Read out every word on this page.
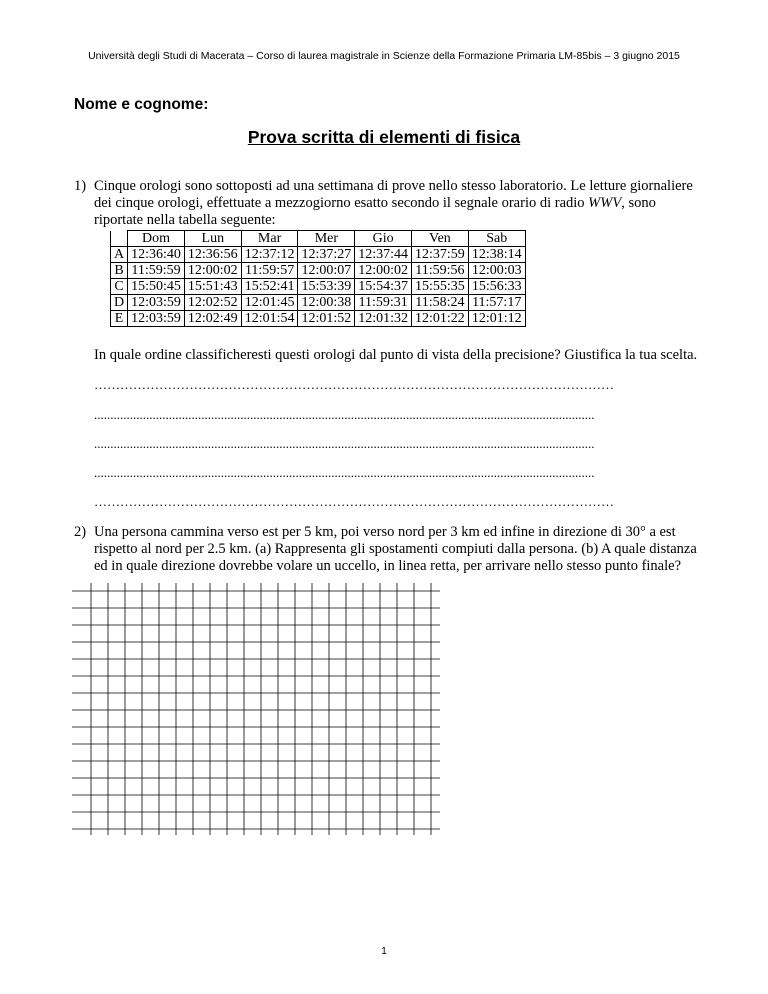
Università degli Studi di Macerata – Corso di laurea magistrale in Scienze della Formazione Primaria LM-85bis – 3 giugno 2015
Nome e cognome:
Prova scritta di elementi di fisica
1) Cinque orologi sono sottoposti ad una settimana di prove nello stesso laboratorio. Le letture giornaliere dei cinque orologi, effettuate a mezzogiorno esatto secondo il segnale orario di radio WWV, sono riportate nella tabella seguente:
	Dom	Lun	Mar	Mer	Gio	Ven	Sab
A	12:36:40	12:36:56	12:37:12	12:37:27	12:37:44	12:37:59	12:38:14
B	11:59:59	12:00:02	11:59:57	12:00:07	12:00:02	11:59:56	12:00:03
C	15:50:45	15:51:43	15:52:41	15:53:39	15:54:37	15:55:35	15:56:33
D	12:03:59	12:02:52	12:01:45	12:00:38	11:59:31	11:58:24	11:57:17
E	12:03:59	12:02:49	12:01:54	12:01:52	12:01:32	12:01:22	12:01:12
In quale ordine classificheresti questi orologi dal punto di vista della precisione? Giustifica la tua scelta.
…………………………………………………………………………………………………………
..........................................................................................................................................................
..........................................................................................................................................................
..........................................................................................................................................................
…………………………………………………………………………………………………………
2) Una persona cammina verso est per 5 km, poi verso nord per 3 km ed infine in direzione di 30° a est rispetto al nord per 2.5 km. (a) Rappresenta gli spostamenti compiuti dalla persona. (b) A quale distanza ed in quale direzione dovrebbe volare un uccello, in linea retta, per arrivare nello stesso punto finale?
1
